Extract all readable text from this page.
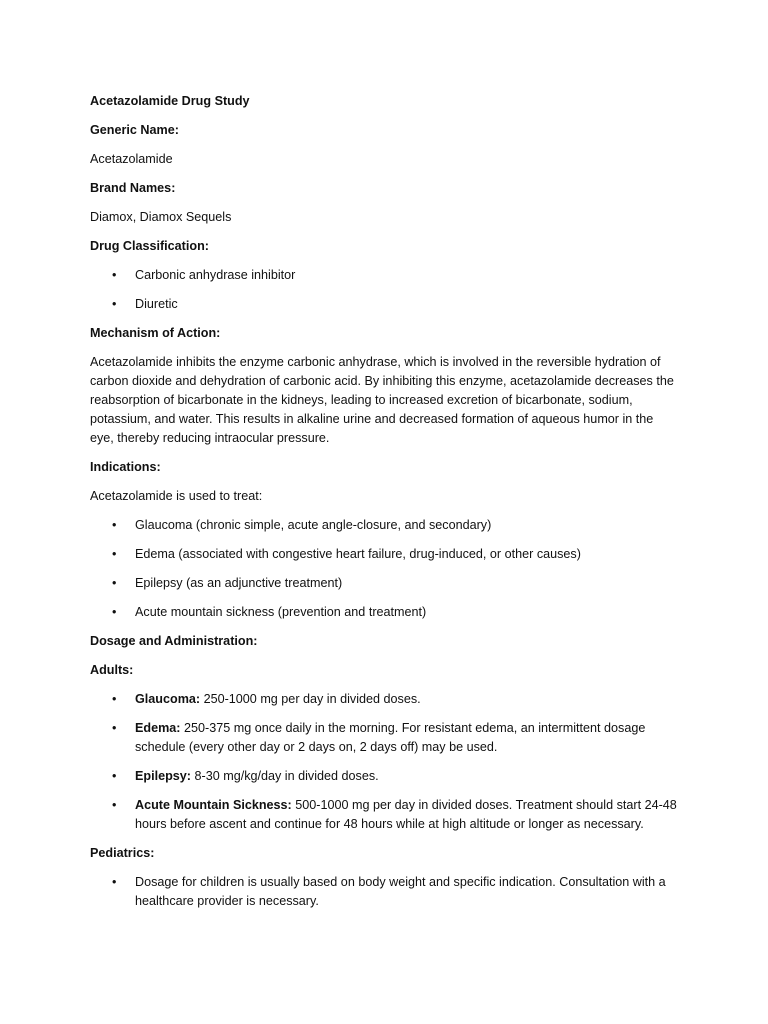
Acetazolamide Drug Study
Generic Name:
Acetazolamide
Brand Names:
Diamox, Diamox Sequels
Drug Classification:
• Carbonic anhydrase inhibitor
• Diuretic
Mechanism of Action:
Acetazolamide inhibits the enzyme carbonic anhydrase, which is involved in the reversible hydration of carbon dioxide and dehydration of carbonic acid. By inhibiting this enzyme, acetazolamide decreases the reabsorption of bicarbonate in the kidneys, leading to increased excretion of bicarbonate, sodium, potassium, and water. This results in alkaline urine and decreased formation of aqueous humor in the eye, thereby reducing intraocular pressure.
Indications:
Acetazolamide is used to treat:
• Glaucoma (chronic simple, acute angle-closure, and secondary)
• Edema (associated with congestive heart failure, drug-induced, or other causes)
• Epilepsy (as an adjunctive treatment)
• Acute mountain sickness (prevention and treatment)
Dosage and Administration:
Adults:
• Glaucoma: 250-1000 mg per day in divided doses.
• Edema: 250-375 mg once daily in the morning. For resistant edema, an intermittent dosage schedule (every other day or 2 days on, 2 days off) may be used.
• Epilepsy: 8-30 mg/kg/day in divided doses.
• Acute Mountain Sickness: 500-1000 mg per day in divided doses. Treatment should start 24-48 hours before ascent and continue for 48 hours while at high altitude or longer as necessary.
Pediatrics:
• Dosage for children is usually based on body weight and specific indication. Consultation with a healthcare provider is necessary.
